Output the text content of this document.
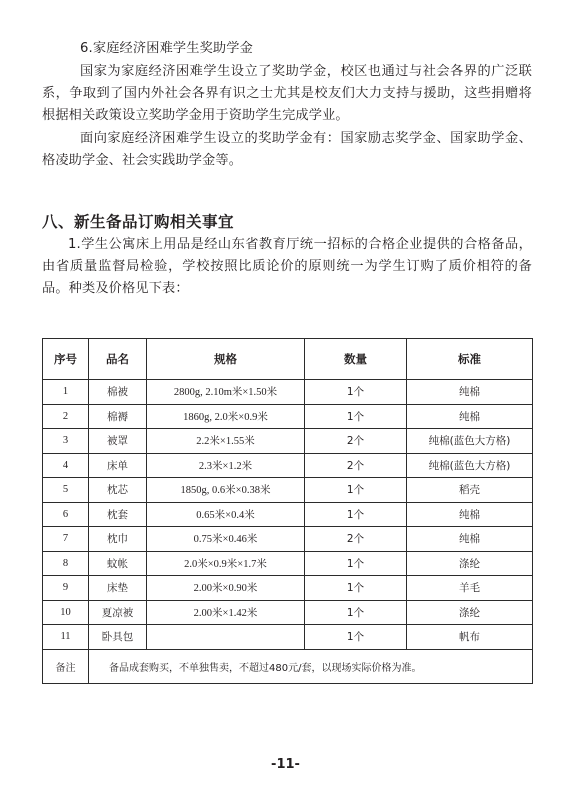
6.家庭经济困难学生奖助学金
国家为家庭经济困难学生设立了奖助学金，校区也通过与社会各界的广泛联系，争取到了国内外社会各界有识之士尤其是校友们大力支持与援助，这些捐赠将根据相关政策设立奖助学金用于资助学生完成学业。
面向家庭经济困难学生设立的奖助学金有：国家励志奖学金、国家助学金、格凌助学金、社会实践助学金等。
八、新生备品订购相关事宜
1.学生公寓床上用品是经山东省教育厅统一招标的合格企业提供的合格备品，由省质量监督局检验，学校按照比质论价的原则统一为学生订购了质价相符的备品。种类及价格见下表：
序号	品名	规格	数量	标准
1	棉被	2800g, 2.10m米×1.50米	1个	纯棉
2	棉褥	1860g, 2.0米×0.9米	1个	纯棉
3	被罩	2.2米×1.55米	2个	纯棉(蓝色大方格)
4	床单	2.3米×1.2米	2个	纯棉(蓝色大方格)
5	枕芯	1850g, 0.6米×0.38米	1个	稻壳
6	枕套	0.65米×0.4米	1个	纯棉
7	枕巾	0.75米×0.46米	2个	纯棉
8	蚊帐	2.0米×0.9米×1.7米	1个	涤纶
9	床垫	2.00米×0.90米	1个	羊毛
10	夏凉被	2.00米×1.42米	1个	涤纶
11	卧具包		1个	帆布
备注	备品成套购买，不单独售卖，不超过480元/套，以现场实际价格为准。			
-11-
